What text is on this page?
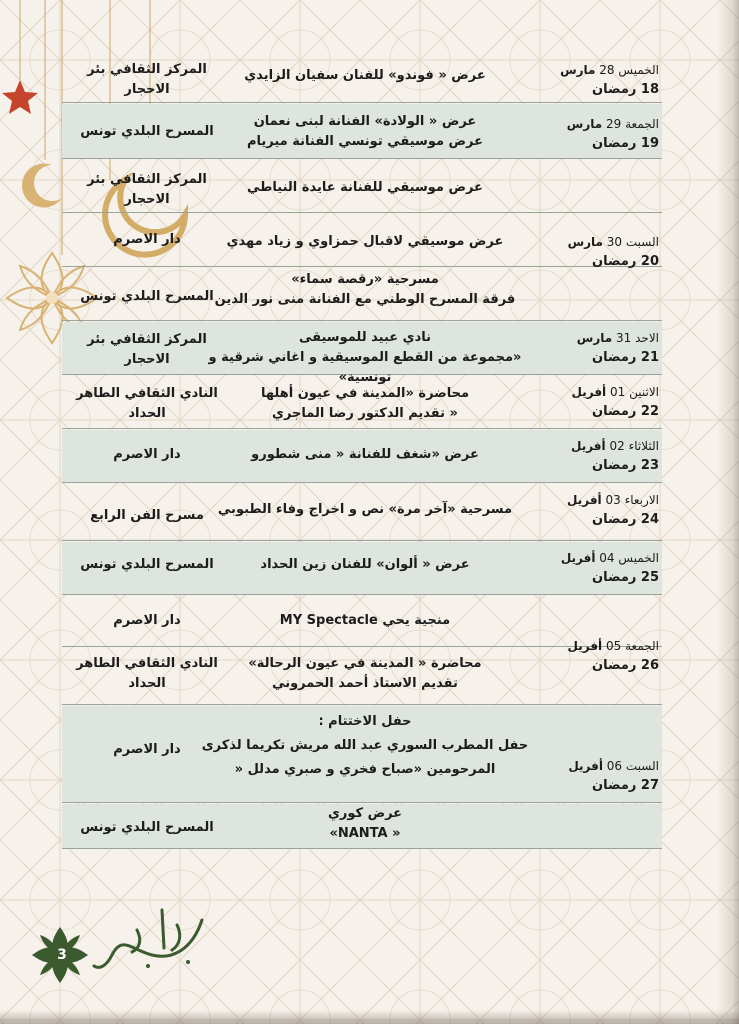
الخميس 28 مارس
18 رمضان
عرض « فوندو» للفنان سفيان الزايدي
المركز الثقافي بئر
الاحجار
الجمعة 29 مارس
19 رمضان
عرض « الولادة» الفنانة لبنى نعمان
عرض موسيقي تونسي الفنانة ميريام
المسرح البلدي تونس
عرض موسيقي للفنانة عايدة النياطي
المركز الثقافي بئر
الاحجار
السبت 30 مارس
20 رمضان
عرض موسيقي لاقبال حمزاوي و زياد مهدي
دار الاصرم
مسرحية «رقصة سماء»
فرقة المسرح الوطني مع الفنانة منى نور الدين
المسرح البلدي تونس
الاحد 31 مارس
21 رمضان
نادي عبيد للموسيقى
«مجموعة من القطع الموسيقية و اغاني شرقية و تونسية»
المركز الثقافي بئر
الاحجار
الاثنين 01 أفريل
22 رمضان
محاضرة «المدينة في عيون أهلها
« تقديم الدكتور رضا الماجري
النادي الثقافي الطاهر
الحداد
الثلاثاء 02 أفريل
23 رمضان
عرض «شغف للفنانة « منى شطورو
دار الاصرم
الاربعاء 03 أفريل
24 رمضان
مسرحية «آخر مرة» نص و اخراج وفاء الطبوبي
مسرح الفن الرابع
الخميس 04 أفريل
25 رمضان
عرض « ألوان» للفنان زين الحداد
المسرح البلدي تونس
منجية يحي MY Spectacle
دار الاصرم
الجمعة 05 أفريل
26 رمضان
محاضرة « المدينة في عيون الرحالة»
تقديم الاستاذ أحمد الحمروني
النادي الثقافي الطاهر
الحداد
السبت 06 أفريل
27 رمضان
حفل الاختتام :
حفل المطرب السوري عبد الله مريش تكريما لذكرى
المرحومين «صباح فخري و صبري مدلل «
دار الاصرم
عرض كوري
« NANTA»
المسرح البلدي تونس
3
